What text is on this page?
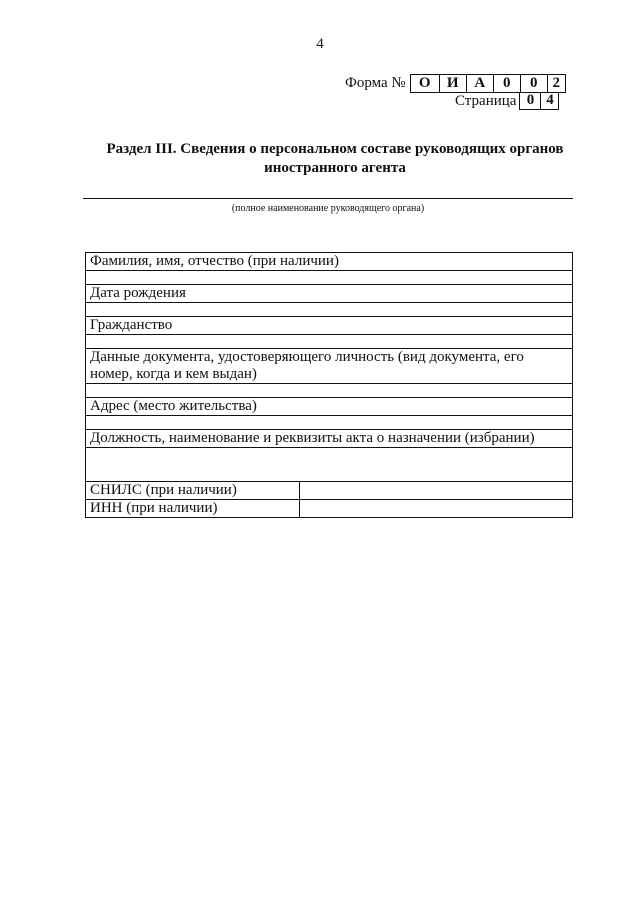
4
Форма № О	И	А	0	0	2
Страница 0 4
Раздел III. Сведения о персональном составе руководящих органов
иностранного агента
(полное наименование руководящего органа)
Фамилия, имя, отчество (при наличии)	

Дата рождения	

Гражданство	

Данные документа, удостоверяющего личность (вид документа, его
номер, когда и кем выдан)	

Адрес (место жительства)	

Должность, наименование и реквизиты акта о назначении (избрании)	

СНИЛС (при наличии)	
ИНН (при наличии)	
